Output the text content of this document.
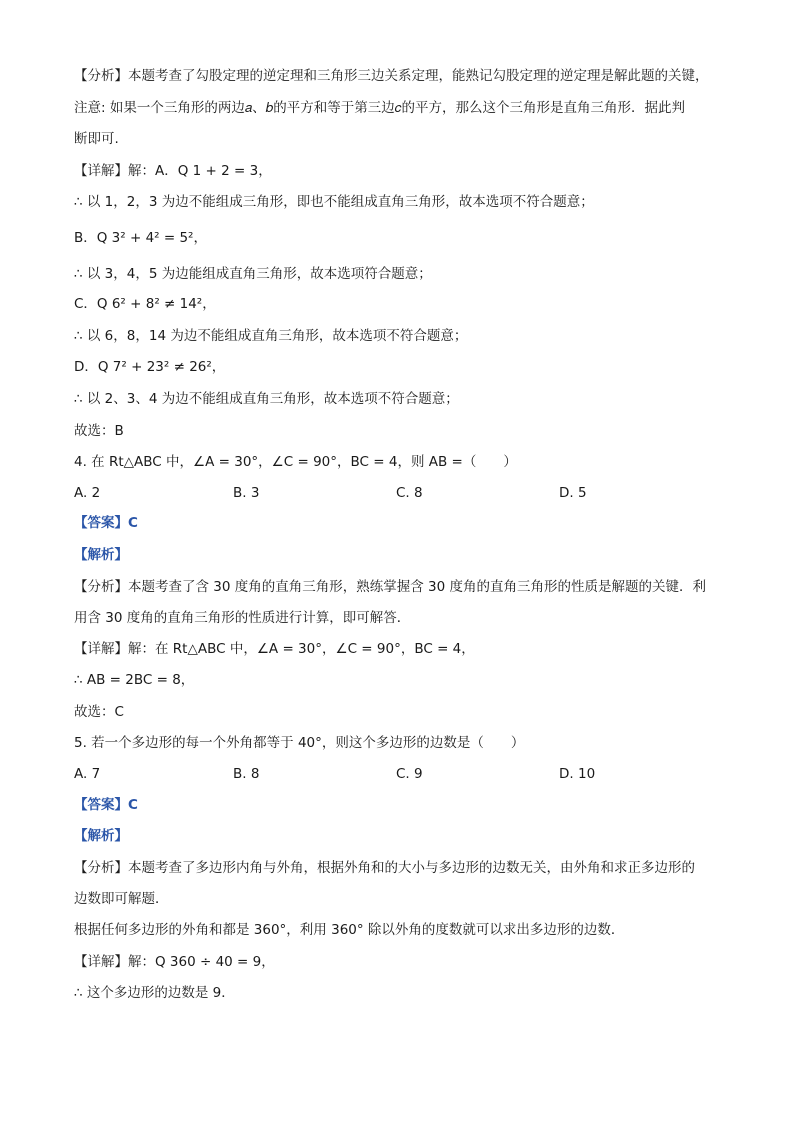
【分析】本题考查了勾股定理的逆定理和三角形三边关系定理，能熟记勾股定理的逆定理是解此题的关键，
注意: 如果一个三角形的两边𝑎、𝑏的平方和等于第三边𝑐的平方，那么这个三角形是直角三角形．据此判
断即可.
【详解】解：A．Q 1 + 2 = 3，
∴ 以 1，2，3 为边不能组成三角形，即也不能组成直角三角形，故本选项不符合题意；
B．Q 3² + 4² = 5²，
∴ 以 3，4，5 为边能组成直角三角形，故本选项符合题意；
C．Q 6² + 8² ≠ 14²，
∴ 以 6，8，14 为边不能组成直角三角形，故本选项不符合题意；
D．Q 7² + 23² ≠ 26²，
∴ 以 2、3、4 为边不能组成直角三角形，故本选项不符合题意；
故选：B
4. 在 Rt△ABC 中，∠A = 30°，∠C = 90°，BC = 4，则 AB =（　　）
A. 2	B. 3	C. 8	D. 5
【答案】C
【解析】
【分析】本题考查了含 30 度角的直角三角形，熟练掌握含 30 度角的直角三角形的性质是解题的关键．利
用含 30 度角的直角三角形的性质进行计算，即可解答．
【详解】解：在 Rt△ABC 中，∠A = 30°，∠C = 90°，BC = 4，
∴ AB = 2BC = 8，
故选：C
5. 若一个多边形的每一个外角都等于 40°，则这个多边形的边数是（　　）
A. 7	B. 8	C. 9	D. 10
【答案】C
【解析】
【分析】本题考查了多边形内角与外角，根据外角和的大小与多边形的边数无关，由外角和求正多边形的
边数即可解题．
根据任何多边形的外角和都是 360°，利用 360° 除以外角的度数就可以求出多边形的边数．
【详解】解：Q 360 ÷ 40 = 9，
∴ 这个多边形的边数是 9．
